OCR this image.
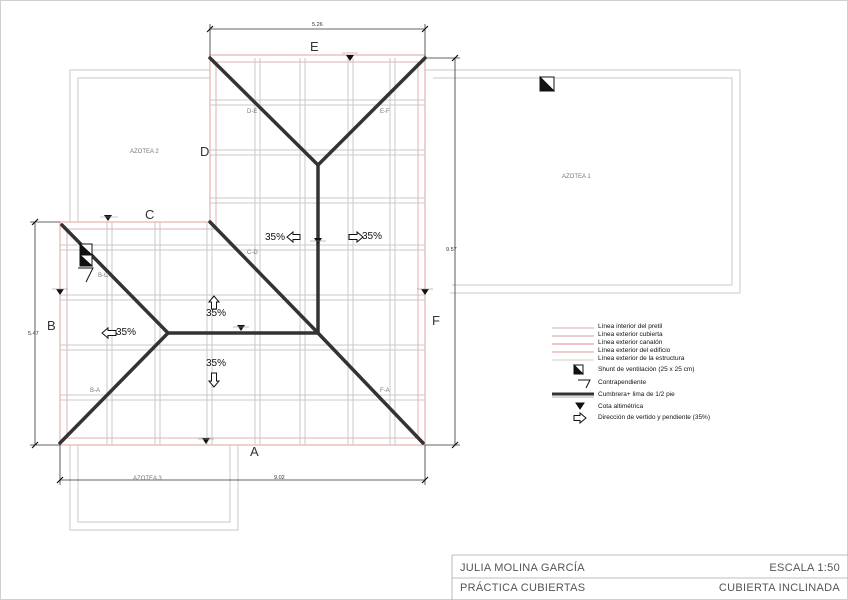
E
D
C
B	F
A
AZOTEA 1
AZOTEA 2
AZOTEA 3
D-E	E-F
C-D
B-C
B-A	F-A
5.26
9.02
5.47
9.57
35%	35%
35%
35%
35%
Línea interior del pretil
Línea exterior cubierta
Línea exterior canalón
Línea exterior del edificio
Línea exterior de la estructura
Shunt de ventilación (25 x 25 cm)
Contrapendiente
Cumbrera+ lima de 1/2 pie
Cota altimétrica
Dirección de vertido y pendiente (35%)
JULIA MOLINA GARCÍA	ESCALA 1:50
PRÁCTICA CUBIERTAS	CUBIERTA INCLINADA
